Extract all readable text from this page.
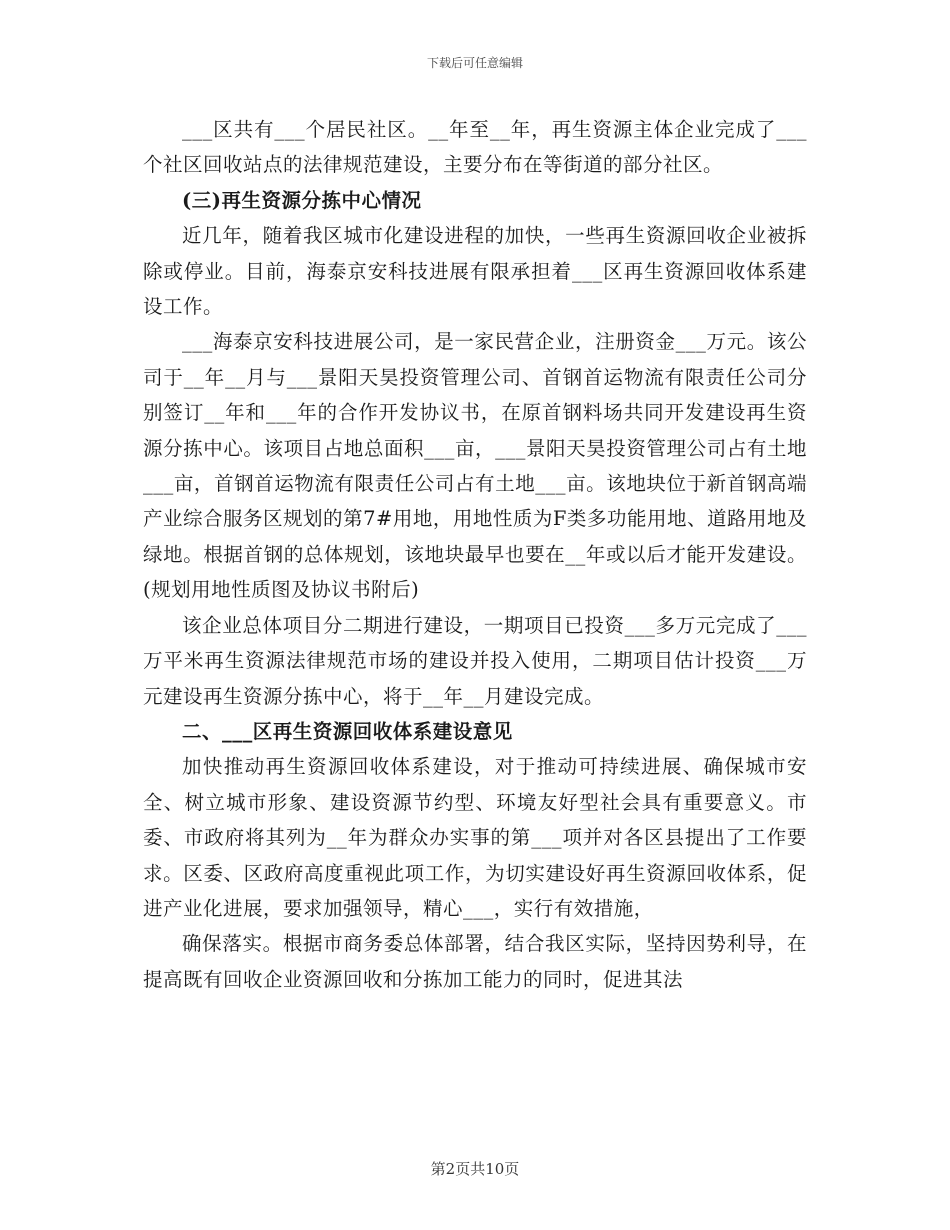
下载后可任意编辑

___区共有___个居民社区。__年至__年，再生资源主体企业完成了___个社区回收站点的法律规范建设，主要分布在等街道的部分社区。

(三)再生资源分拣中心情况

近几年，随着我区城市化建设进程的加快，一些再生资源回收企业被拆除或停业。目前，海泰京安科技进展有限承担着___区再生资源回收体系建设工作。

___海泰京安科技进展公司，是一家民营企业，注册资金___万元。该公司于__年__月与___景阳天昊投资管理公司、首钢首运物流有限责任公司分别签订__年和___年的合作开发协议书，在原首钢料场共同开发建设再生资源分拣中心。该项目占地总面积___亩，___景阳天昊投资管理公司占有土地___亩，首钢首运物流有限责任公司占有土地___亩。该地块位于新首钢高端产业综合服务区规划的第7#用地，用地性质为F类多功能用地、道路用地及绿地。根据首钢的总体规划，该地块最早也要在__年或以后才能开发建设。(规划用地性质图及协议书附后)

该企业总体项目分二期进行建设，一期项目已投资___多万元完成了___万平米再生资源法律规范市场的建设并投入使用，二期项目估计投资___万元建设再生资源分拣中心，将于__年__月建设完成。

二、___区再生资源回收体系建设意见

加快推动再生资源回收体系建设，对于推动可持续进展、确保城市安全、树立城市形象、建设资源节约型、环境友好型社会具有重要意义。市委、市政府将其列为__年为群众办实事的第___项并对各区县提出了工作要求。区委、区政府高度重视此项工作，为切实建设好再生资源回收体系，促进产业化进展，要求加强领导，精心___，实行有效措施，

确保落实。根据市商务委总体部署，结合我区实际，坚持因势利导，在提高既有回收企业资源回收和分拣加工能力的同时，促进其法

第2页共10页
